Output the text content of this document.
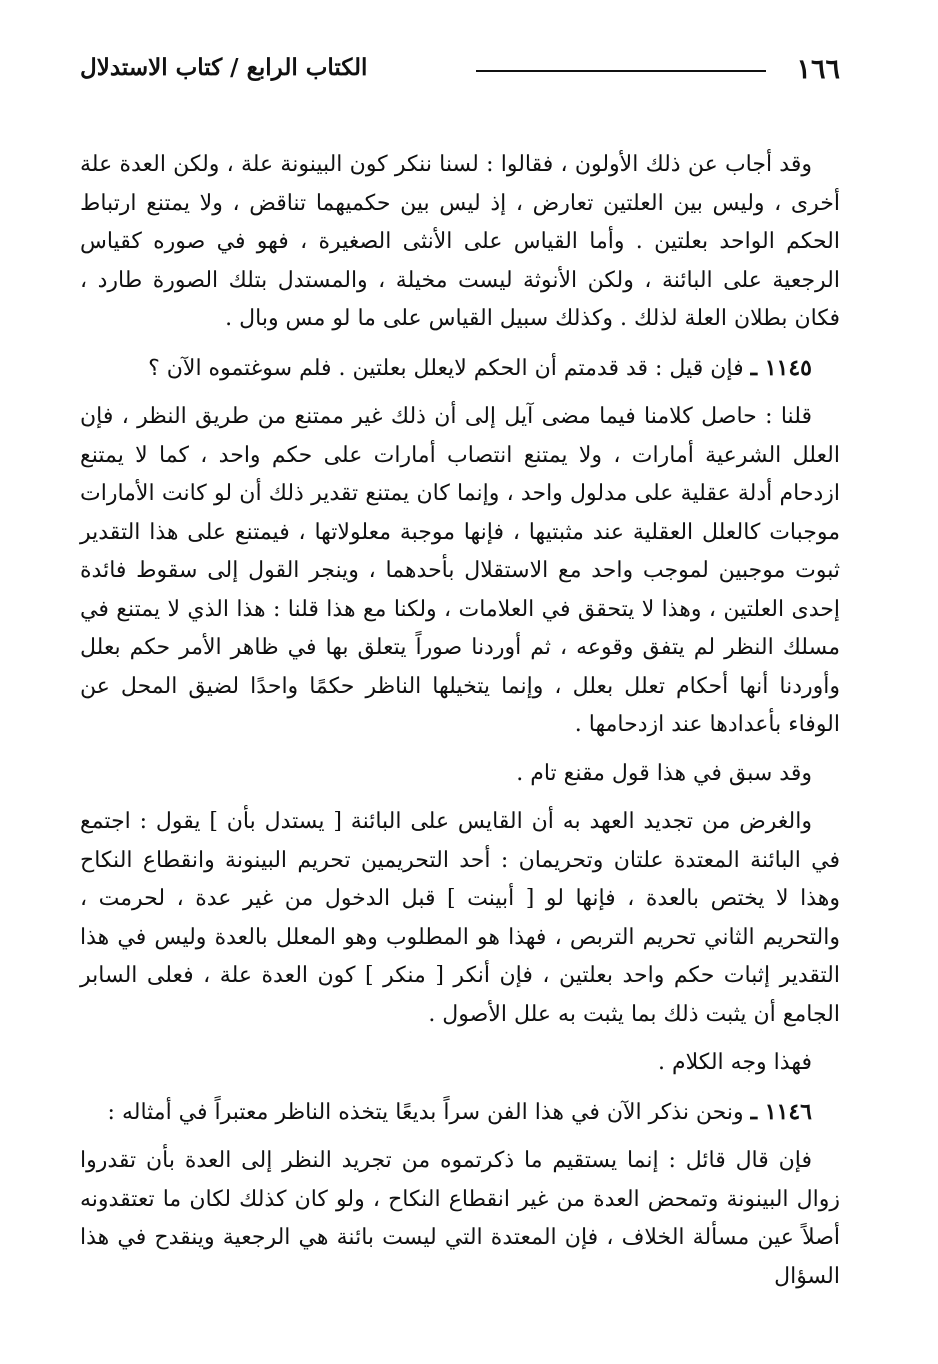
١٦٦
الكتاب الرابع / كتاب الاستدلال

وقد أجاب عن ذلك الأولون ، فقالوا : لسنا ننكر كون البينونة علة ، ولكن العدة علة أخرى ، وليس بين العلتين تعارض ، إذ ليس بين حكميهما تناقض ، ولا يمتنع ارتباط الحكم الواحد بعلتين . وأما القياس على الأنثى الصغيرة ، فهو في صوره كقياس الرجعية على البائنة ، ولكن الأنوثة ليست مخيلة ، والمستدل بتلك الصورة طارد ، فكان بطلان العلة لذلك . وكذلك سبيل القياس على ما لو مس وبال .

١١٤٥ ـ فإن قيل : قد قدمتم أن الحكم لايعلل بعلتين . فلم سوغتموه الآن ؟

قلنا : حاصل كلامنا فيما مضى آيل إلى أن ذلك غير ممتنع من طريق النظر ، فإن العلل الشرعية أمارات ، ولا يمتنع انتصاب أمارات على حكم واحد ، كما لا يمتنع ازدحام أدلة عقلية على مدلول واحد ، وإنما كان يمتنع تقدير ذلك أن لو كانت الأمارات موجبات كالعلل العقلية عند مثبتيها ، فإنها موجبة معلولاتها ، فيمتنع على هذا التقدير ثبوت موجبين لموجب واحد مع الاستقلال بأحدهما ، وينجر القول إلى سقوط فائدة إحدى العلتين ، وهذا لا يتحقق في العلامات ، ولكنا مع هذا قلنا : هذا الذي لا يمتنع في مسلك النظر لم يتفق وقوعه ، ثم أوردنا صوراً يتعلق بها في ظاهر الأمر حكم بعلل وأوردنا أنها أحكام تعلل بعلل ، وإنما يتخيلها الناظر حكمًا واحدًا لضيق المحل عن الوفاء بأعدادها عند ازدحامها .

وقد سبق في هذا قول مقنع تام .

والغرض من تجديد العهد به أن القايس على البائنة [ يستدل بأن ] يقول : اجتمع في البائنة المعتدة علتان وتحريمان : أحد التحريمين تحريم البينونة وانقطاع النكاح وهذا لا يختص بالعدة ، فإنها لو [ أبينت ] قبل الدخول من غير عدة ، لحرمت ، والتحريم الثاني تحريم التربص ، فهذا هو المطلوب وهو المعلل بالعدة وليس في هذا التقدير إثبات حكم واحد بعلتين ، فإن أنكر [ منكر ] كون العدة علة ، فعلى السابر الجامع أن يثبت ذلك بما يثبت به علل الأصول .

فهذا وجه الكلام .

١١٤٦ ـ ونحن نذكر الآن في هذا الفن سراً بديعًا يتخذه الناظر معتبراً في أمثاله :

فإن قال قائل : إنما يستقيم ما ذكرتموه من تجريد النظر إلى العدة بأن تقدروا زوال البينونة وتمحض العدة من غير انقطاع النكاح ، ولو كان كذلك لكان ما تعتقدونه أصلاً عين مسألة الخلاف ، فإن المعتدة التي ليست بائنة هي الرجعية وينقدح في هذا السؤال
